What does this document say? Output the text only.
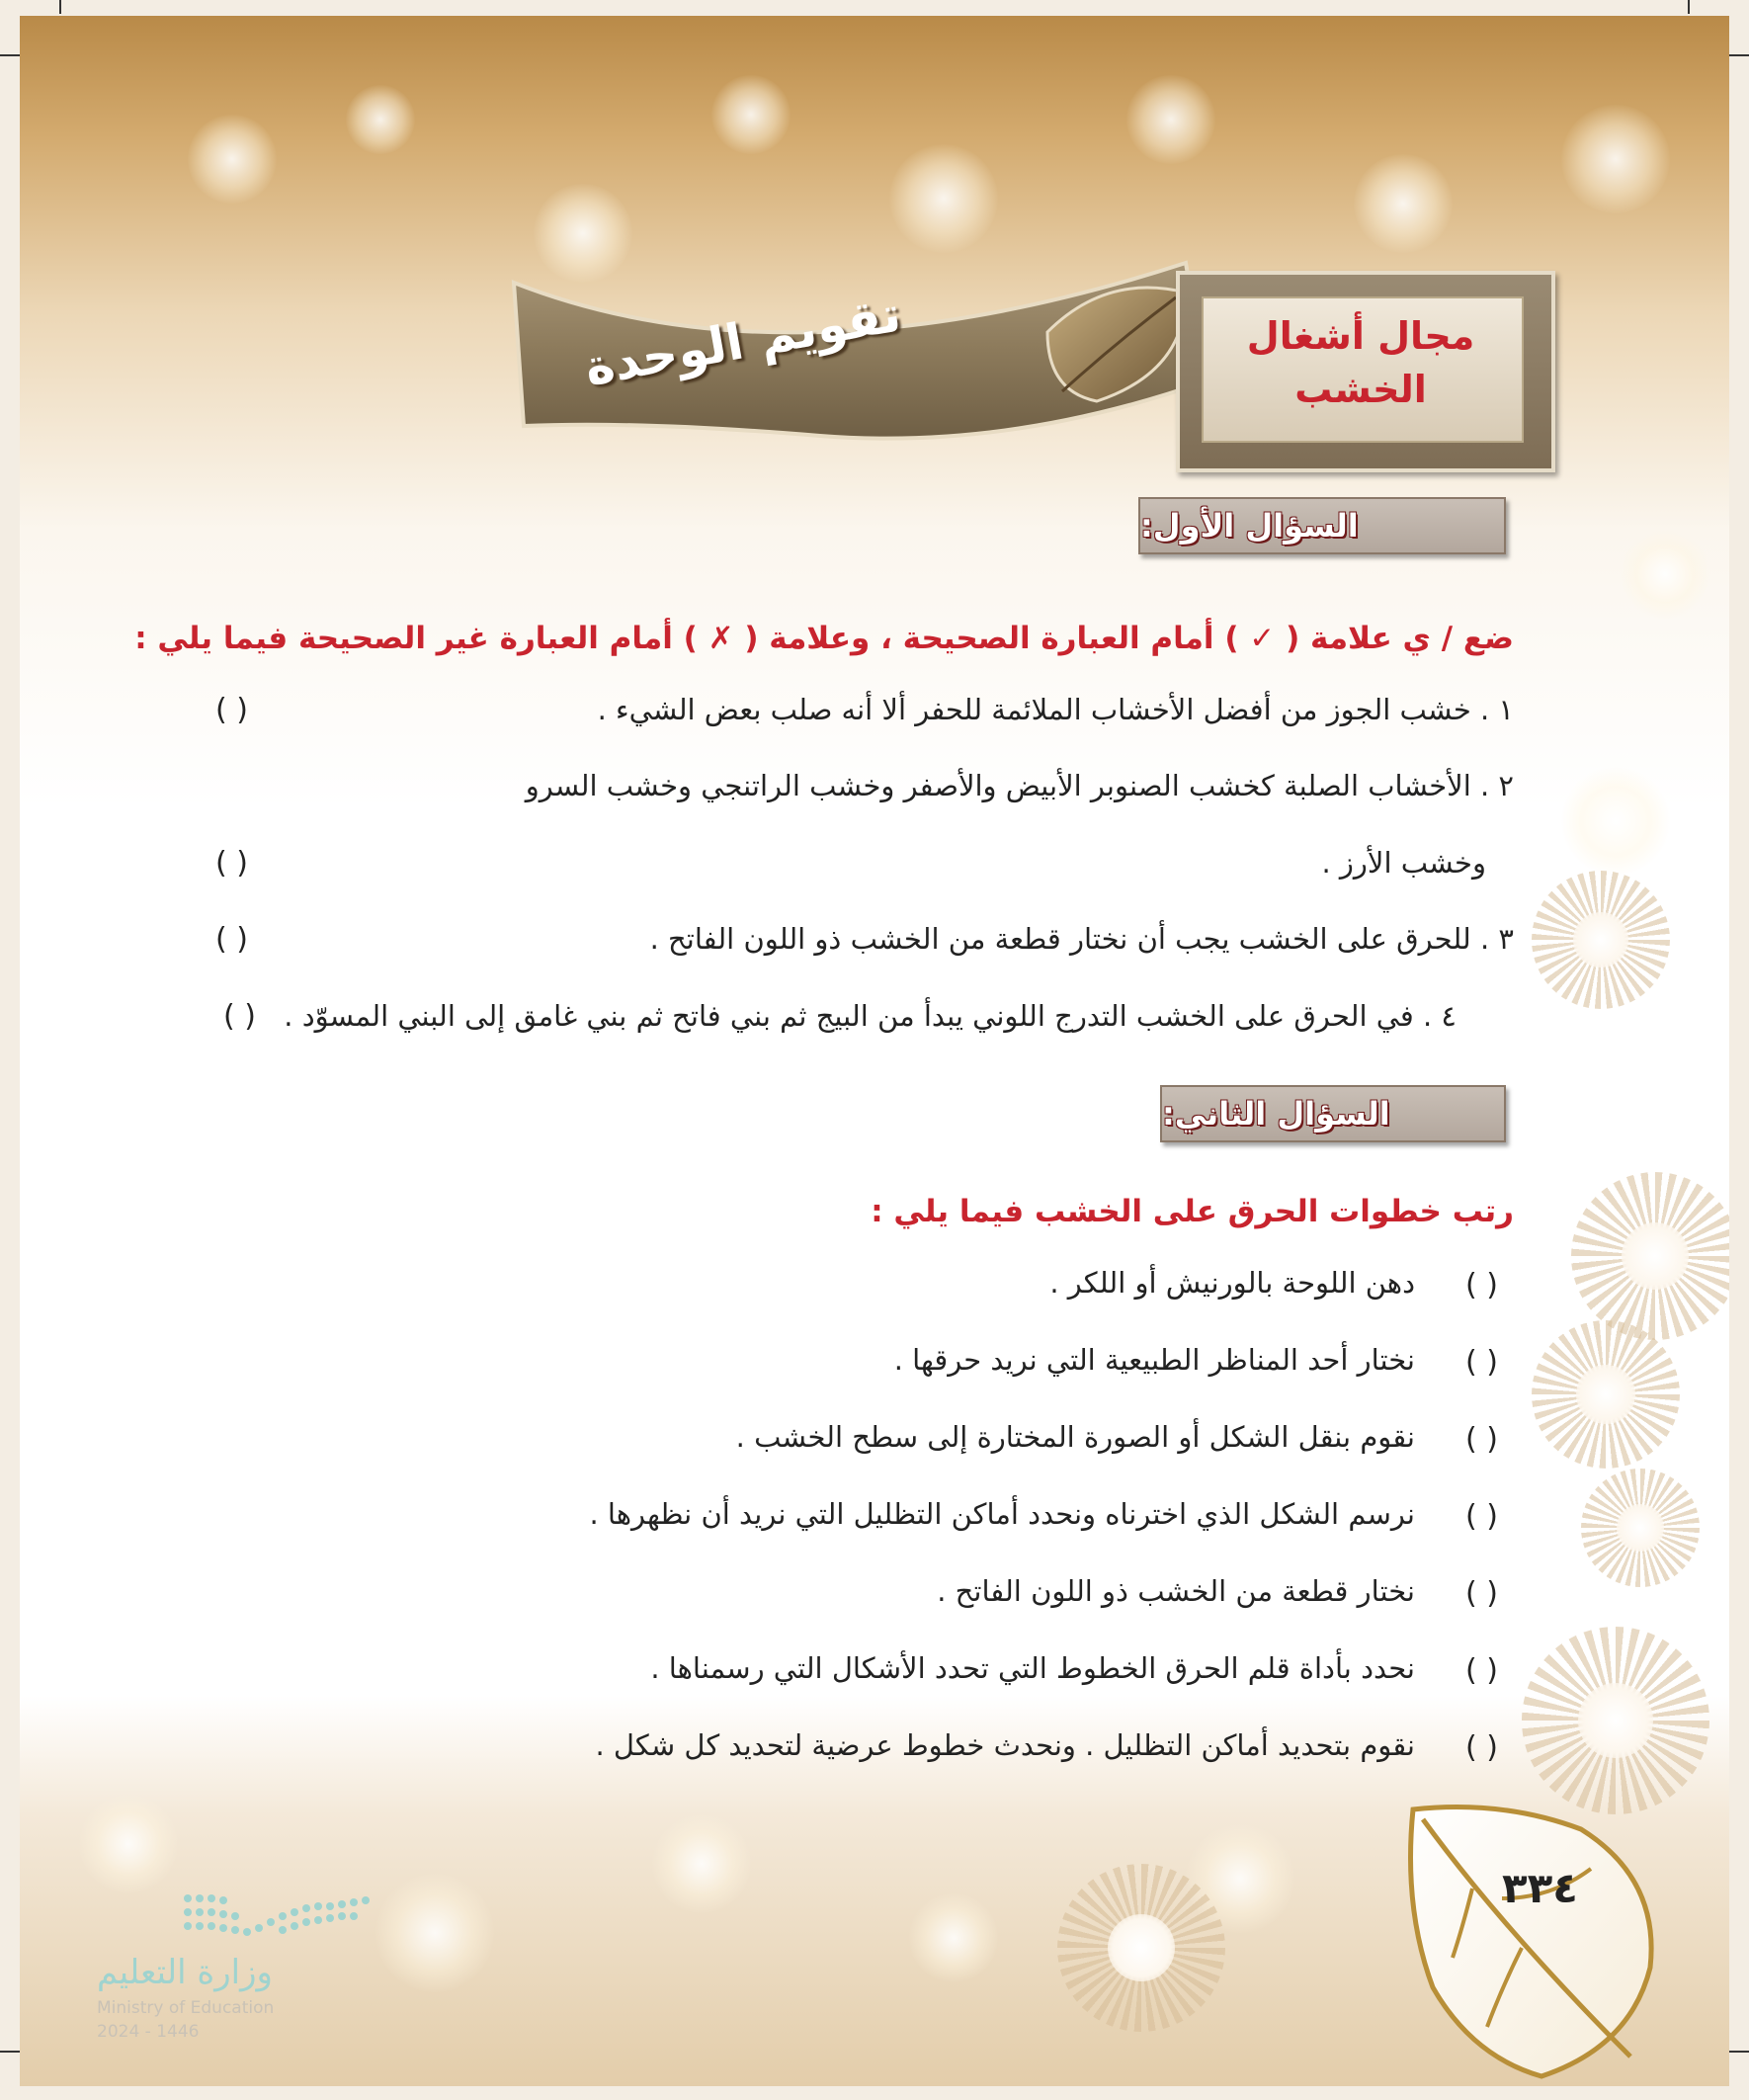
تقويم الوحدة	مجال أشغال
الخشب
السؤال الأول:
ضع / ي علامة ( ✓ ) أمام العبارة الصحيحة ، وعلامة ( ✗ ) أمام العبارة غير الصحيحة فيما يلي :
١ . خشب الجوز من أفضل الأخشاب الملائمة للحفر ألا أنه صلب بعض الشيء .
( )
٢ . الأخشاب الصلبة كخشب الصنوبر الأبيض والأصفر وخشب الراتنجي وخشب السرو
وخشب الأرز .
( )
٣ . للحرق على الخشب يجب أن نختار قطعة من الخشب ذو اللون الفاتح .
( )
٤ . في الحرق على الخشب التدرج اللوني يبدأ من البيج ثم بني فاتح ثم بني غامق إلى البني المسوّد .
( )
السؤال الثاني:
رتب خطوات الحرق على الخشب فيما يلي :
( )
دهن اللوحة بالورنيش أو اللكر .
( )
نختار أحد المناظر الطبيعية التي نريد حرقها .
( )
نقوم بنقل الشكل أو الصورة المختارة إلى سطح الخشب .
( )
نرسم الشكل الذي اخترناه ونحدد أماكن التظليل التي نريد أن نظهرها .
( )
نختار قطعة من الخشب ذو اللون الفاتح .
( )
نحدد بأداة قلم الحرق الخطوط التي تحدد الأشكال التي رسمناها .
( )
نقوم بتحديد أماكن التظليل . ونحدث خطوط عرضية لتحديد كل شكل .
٣٣٤
وزارة التعليم
Ministry of Education
2024 - 1446
